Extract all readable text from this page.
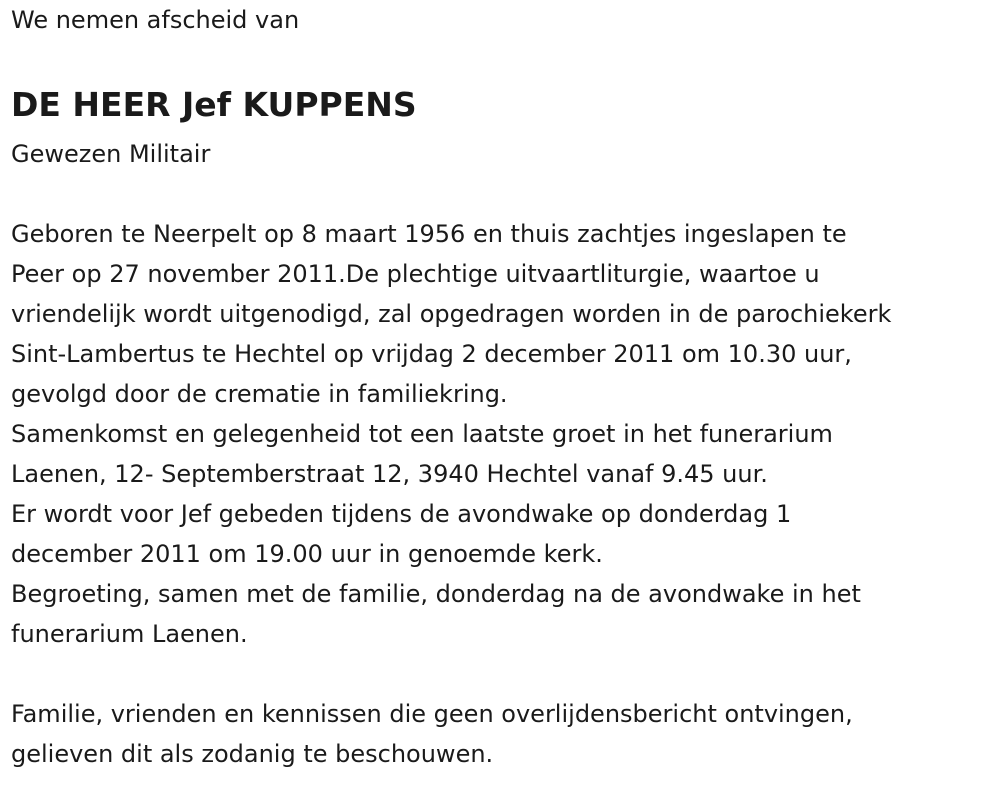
We nemen afscheid van

DE HEER Jef KUPPENS

Gewezen Militair

Geboren te Neerpelt op 8 maart 1956 en thuis zachtjes ingeslapen te
Peer op 27 november 2011.De plechtige uitvaartliturgie, waartoe u
vriendelijk wordt uitgenodigd, zal opgedragen worden in de parochiekerk
Sint-Lambertus te Hechtel op vrijdag 2 december 2011 om 10.30 uur,
gevolgd door de crematie in familiekring.
Samenkomst en gelegenheid tot een laatste groet in het funerarium
Laenen, 12- Septemberstraat 12, 3940 Hechtel vanaf 9.45 uur.
Er wordt voor Jef gebeden tijdens de avondwake op donderdag 1
december 2011 om 19.00 uur in genoemde kerk.
Begroeting, samen met de familie, donderdag na de avondwake in het
funerarium Laenen.

Familie, vrienden en kennissen die geen overlijdensbericht ontvingen,
gelieven dit als zodanig te beschouwen.
